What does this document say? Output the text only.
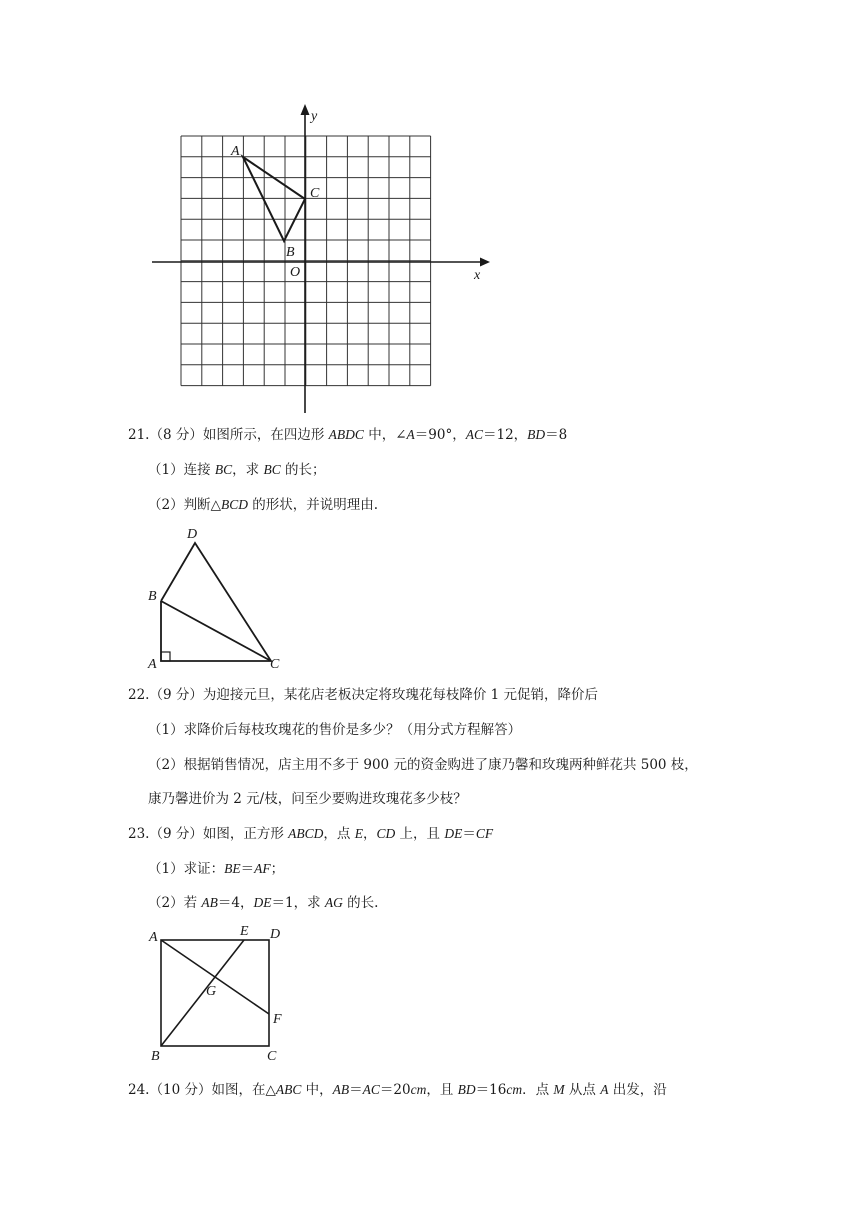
y
x
A
C
B
O
21.（8 分）如图所示，在四边形 ABDC 中，∠A＝90°，AC＝12，BD＝8
（1）连接 BC，求 BC 的长；
（2）判断△BCD 的形状，并说明理由.
D
B
A	C
22.（9 分）为迎接元旦，某花店老板决定将玫瑰花每枝降价 1 元促销，降价后
（1）求降价后每枝玫瑰花的售价是多少？（用分式方程解答）
（2）根据销售情况，店主用不多于 900 元的资金购进了康乃馨和玫瑰两种鲜花共 500 枝，
康乃馨进价为 2 元/枝，问至少要购进玫瑰花多少枝？
23.（9 分）如图，正方形 ABCD，点 E，CD 上，且 DE＝CF
（1）求证：BE＝AF；
（2）若 AB＝4，DE＝1，求 AG 的长.
A	E D
G
F
B	C
24.（10 分）如图，在△ABC 中，AB＝AC＝20cm，且 BD＝16cm．点 M 从点 A 出发，沿
